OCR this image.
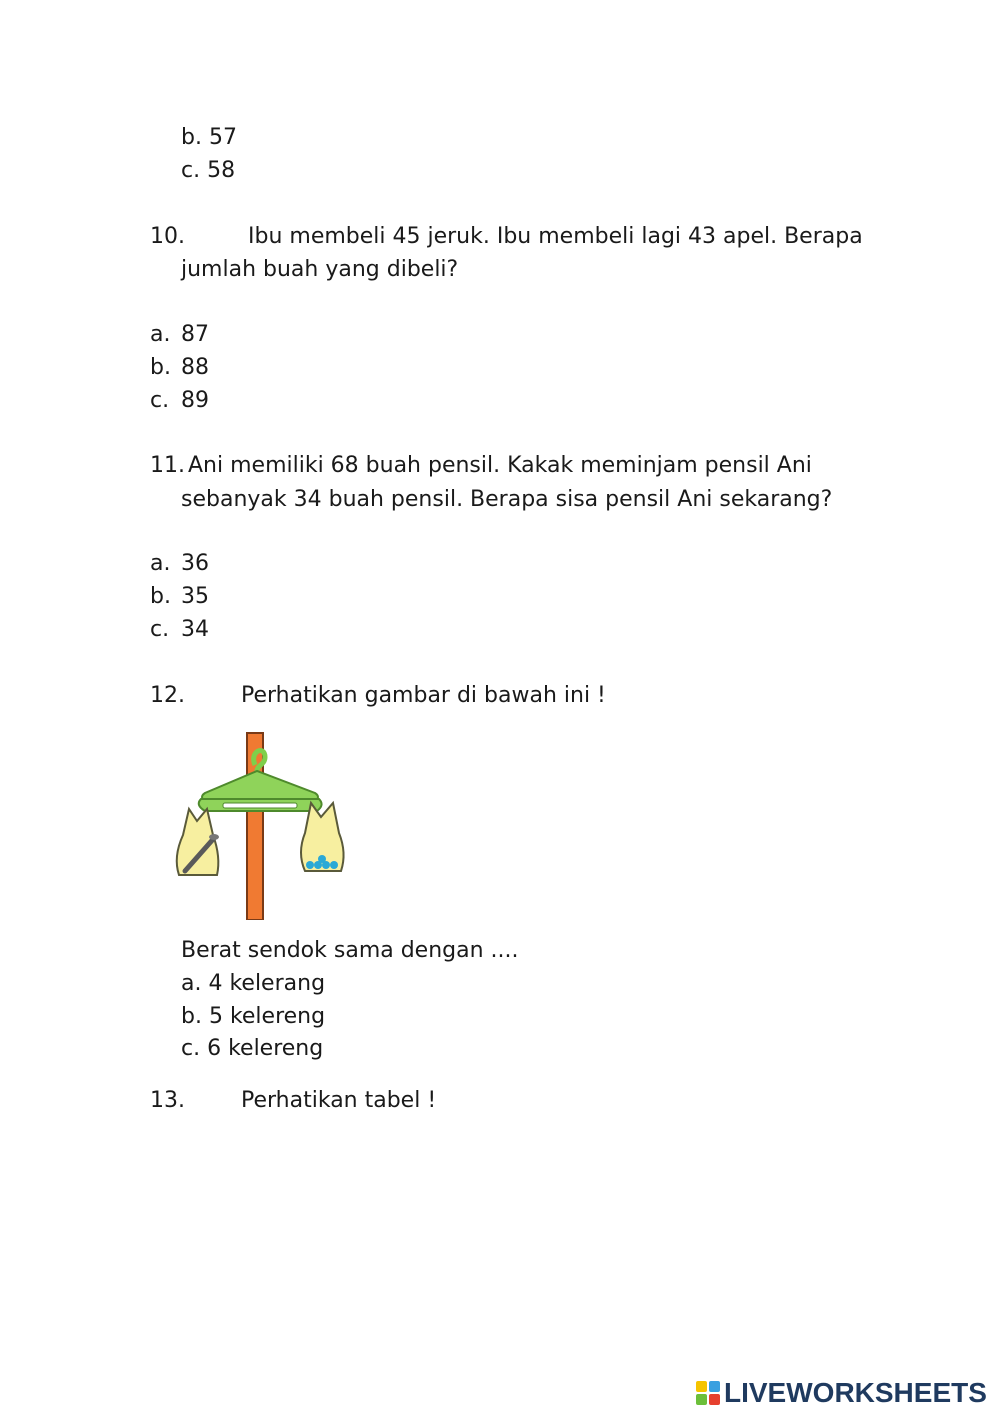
b. 57
c. 58
10.	Ibu membeli 45 jeruk. Ibu membeli lagi 43 apel. Berapa
jumlah buah yang dibeli?
a. 87
b. 88
c. 89
11. Ani memiliki 68 buah pensil. Kakak meminjam pensil Ani
sebanyak 34 buah pensil. Berapa sisa pensil Ani sekarang?
a. 36
b. 35
c. 34
12.	Perhatikan gambar di bawah ini !
Berat sendok sama dengan ....
a. 4 kelerang
b. 5 kelereng
c. 6 kelereng
13.	Perhatikan tabel !
LIVEWORKSHEETS
